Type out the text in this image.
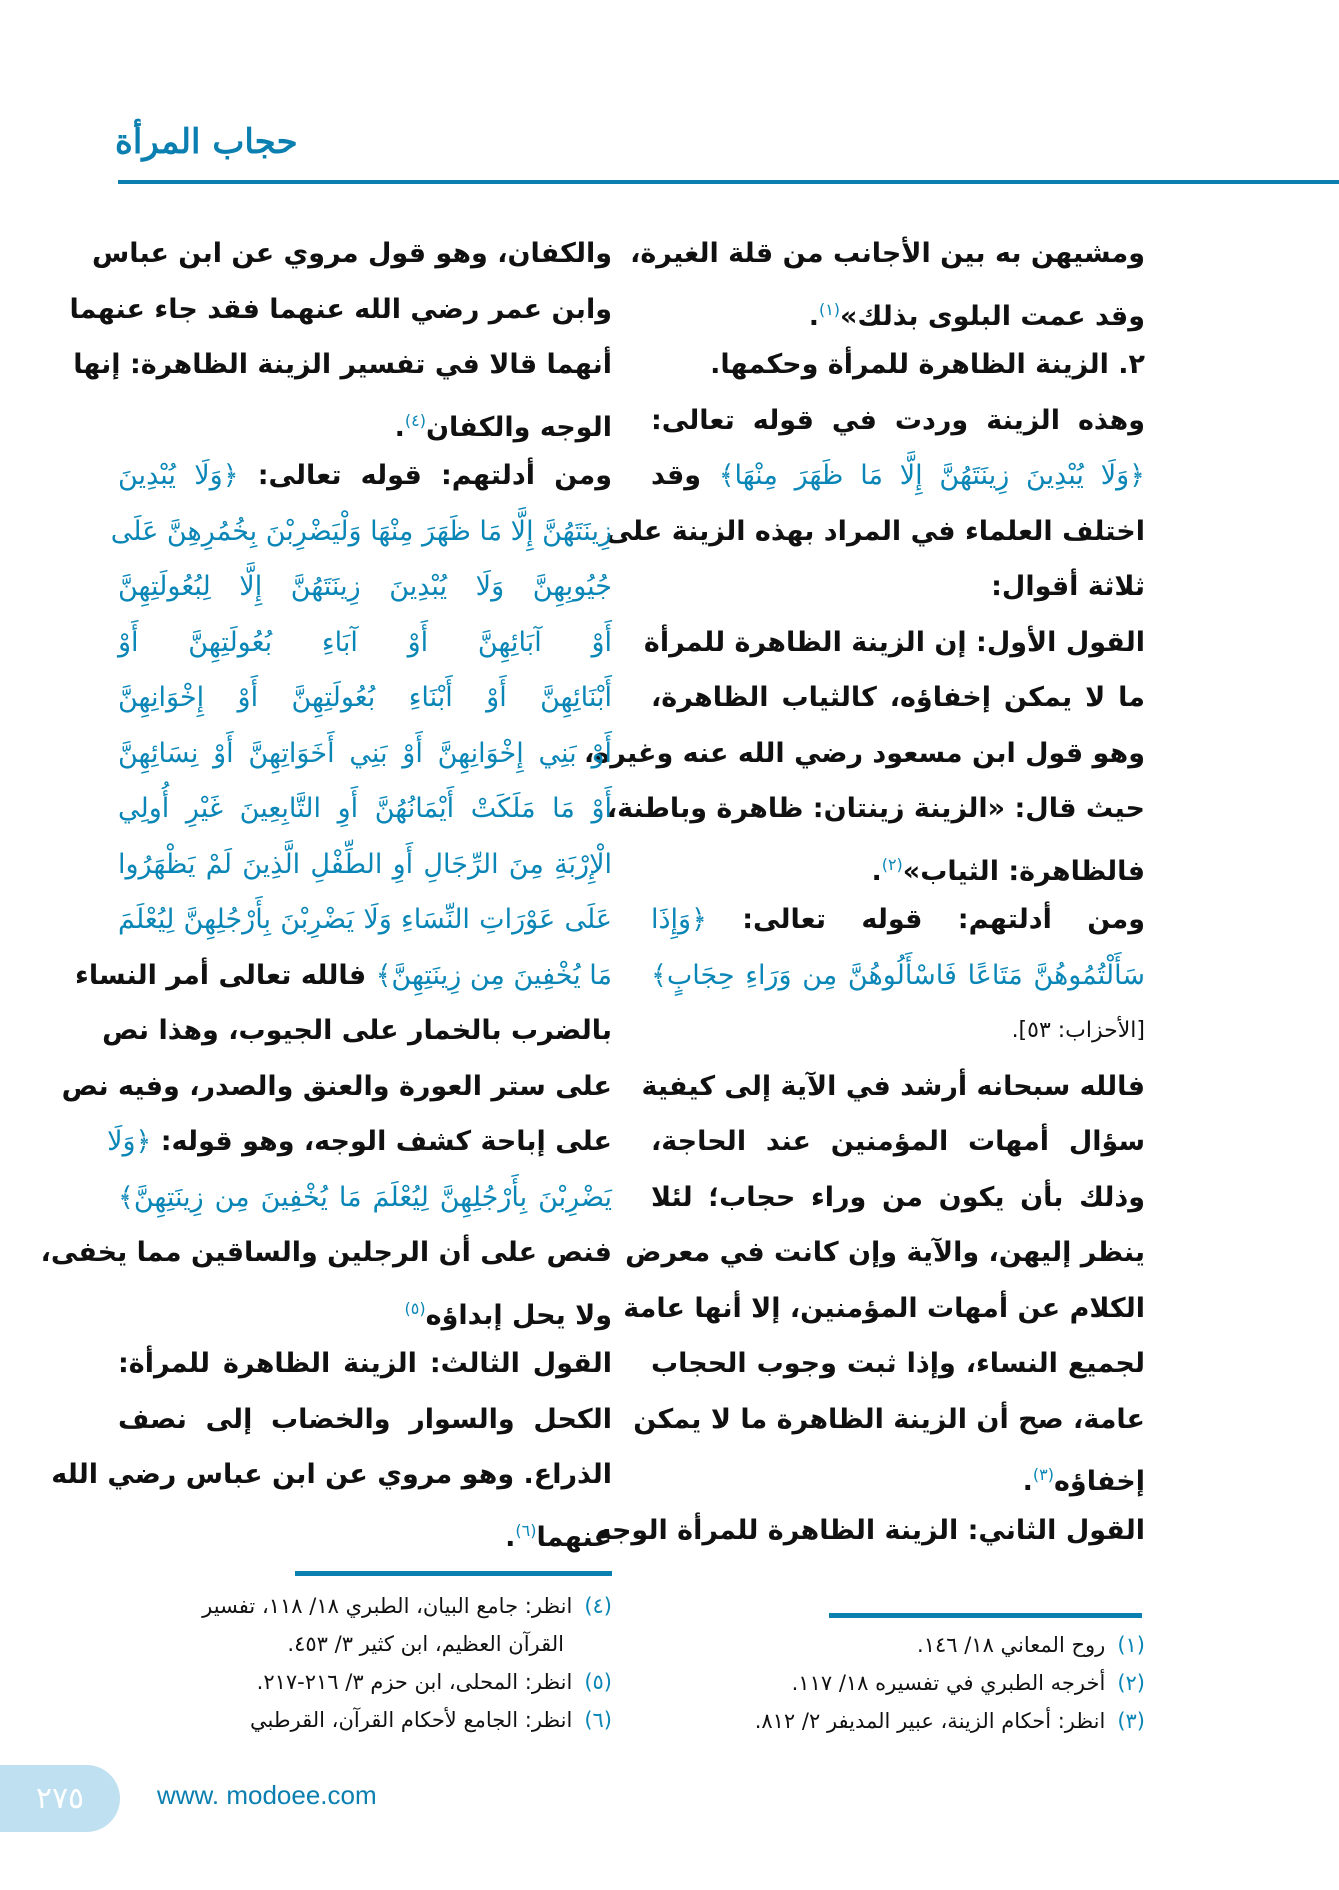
حجاب المرأة
ومشيهن به بين الأجانب من قلة الغيرة،
وقد عمت البلوى بذلك»$^{(١)}$.
٢. الزينة الظاهرة للمرأة وحكمها.
وهذه الزينة وردت في قوله تعالى:
﴿وَلَا يُبْدِينَ زِينَتَهُنَّ إِلَّا مَا ظَهَرَ مِنْهَا﴾ وقد
اختلف العلماء في المراد بهذه الزينة على
ثلاثة أقوال:
القول الأول: إن الزينة الظاهرة للمرأة
ما لا يمكن إخفاؤه، كالثياب الظاهرة،
وهو قول ابن مسعود رضي الله عنه وغيره،
حيث قال: «الزينة زينتان: ظاهرة وباطنة،
فالظاهرة: الثياب»$^{(٢)}$.
ومن أدلتهم: قوله تعالى: ﴿وَإِذَا
سَأَلْتُمُوهُنَّ مَتَاعًا فَاسْأَلُوهُنَّ مِن وَرَاءِ حِجَابٍ﴾
[الأحزاب: ٥٣].
فالله سبحانه أرشد في الآية إلى كيفية
سؤال أمهات المؤمنين عند الحاجة،
وذلك بأن يكون من وراء حجاب؛ لئلا
ينظر إليهن، والآية وإن كانت في معرض
الكلام عن أمهات المؤمنين، إلا أنها عامة
لجميع النساء، وإذا ثبت وجوب الحجاب
عامة، صح أن الزينة الظاهرة ما لا يمكن
إخفاؤه$^{(٣)}$.
القول الثاني: الزينة الظاهرة للمرأة الوجه
والكفان، وهو قول مروي عن ابن عباس
وابن عمر رضي الله عنهما فقد جاء عنهما
أنهما قالا في تفسير الزينة الظاهرة: إنها
الوجه والكفان$^{(٤)}$.
ومن أدلتهم: قوله تعالى: ﴿وَلَا يُبْدِينَ
زِينَتَهُنَّ إِلَّا مَا ظَهَرَ مِنْهَا وَلْيَضْرِبْنَ بِخُمُرِهِنَّ عَلَى
جُيُوبِهِنَّ وَلَا يُبْدِينَ زِينَتَهُنَّ إِلَّا لِبُعُولَتِهِنَّ
أَوْ آبَائِهِنَّ أَوْ آبَاءِ بُعُولَتِهِنَّ أَوْ
أَبْنَائِهِنَّ أَوْ أَبْنَاءِ بُعُولَتِهِنَّ أَوْ إِخْوَانِهِنَّ
أَوْ بَنِي إِخْوَانِهِنَّ أَوْ بَنِي أَخَوَاتِهِنَّ أَوْ نِسَائِهِنَّ
أَوْ مَا مَلَكَتْ أَيْمَانُهُنَّ أَوِ التَّابِعِينَ غَيْرِ أُولِي
الْإِرْبَةِ مِنَ الرِّجَالِ أَوِ الطِّفْلِ الَّذِينَ لَمْ يَظْهَرُوا
عَلَى عَوْرَاتِ النِّسَاءِ وَلَا يَضْرِبْنَ بِأَرْجُلِهِنَّ لِيُعْلَمَ
مَا يُخْفِينَ مِن زِينَتِهِنَّ﴾ فالله تعالى أمر النساء
بالضرب بالخمار على الجيوب، وهذا نص
على ستر العورة والعنق والصدر، وفيه نص
على إباحة كشف الوجه، وهو قوله: ﴿وَلَا
يَضْرِبْنَ بِأَرْجُلِهِنَّ لِيُعْلَمَ مَا يُخْفِينَ مِن زِينَتِهِنَّ﴾
فنص على أن الرجلين والساقين مما يخفى،
ولا يحل إبداؤه$^{(٥)}$
القول الثالث: الزينة الظاهرة للمرأة:
الكحل والسوار والخضاب إلى نصف
الذراع. وهو مروي عن ابن عباس رضي الله
عنهما$^{(٦)}$.
(٤)انظر: جامع البيان، الطبري ١٨/ ١١٨، تفسير
القرآن العظيم، ابن كثير ٣/ ٤٥٣.
(٥)انظر: المحلى، ابن حزم ٣/ ٢١٦-٢١٧.
(٦)انظر: الجامع لأحكام القرآن، القرطبي
(١)روح المعاني ١٨/ ١٤٦.
(٢)أخرجه الطبري في تفسيره ١٨/ ١١٧.
(٣)انظر: أحكام الزينة، عبير المديفر ٢/ ٨١٢.
٢٧٥	www. modoee.com
